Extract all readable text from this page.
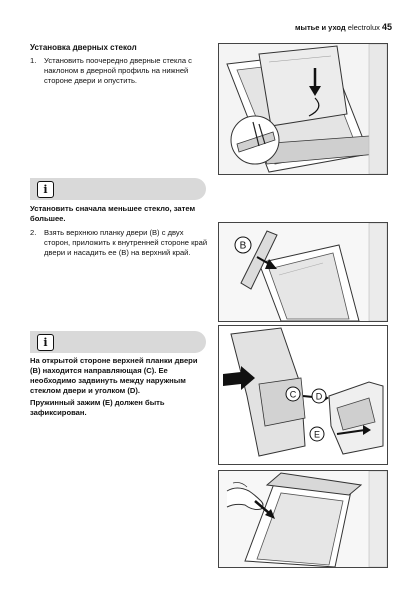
мытье и уход electrolux 45
Установка дверных стекол
1.	Установить поочередно дверные стекла с наклоном в дверной профиль на нижней стороне двери и опустить.
i
Установить сначала меньшее стекло, затем большее.
2.	Взять верхнюю планку двери (B) с двух сторон, приложить к внутренней стороне край двери и насадить ее (B) на верхний край.
i
На открытой стороне верхней планки двери (B) находится направляющая (C). Ее необходимо задвинуть между наружным стеклом двери и уголком (D).
Пружинный зажим (E) должен быть зафиксирован.
B
C D
E
